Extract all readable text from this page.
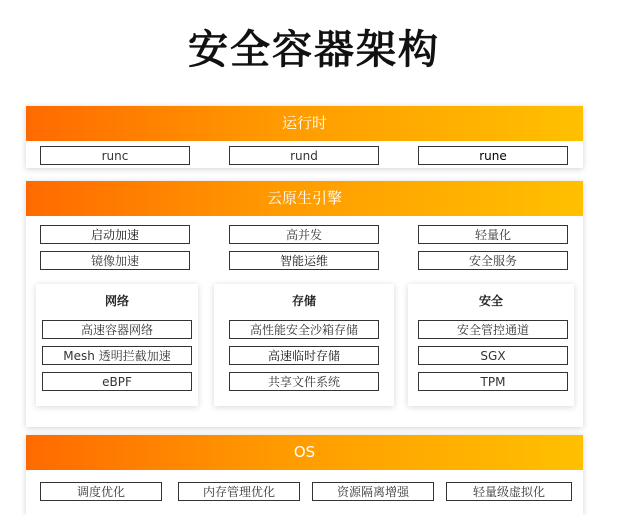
安全容器架构
运行时
runc	rund	rune
云原生引擎
启动加速	高并发	轻量化
镜像加速	智能运维	安全服务
网络
高速容器网络
Mesh 透明拦截加速
eBPF
存储
高性能安全沙箱存储
高速临时存储
共享文件系统
安全
安全管控通道
SGX
TPM
OS
调度优化	内存管理优化	资源隔离增强	轻量级虚拟化
